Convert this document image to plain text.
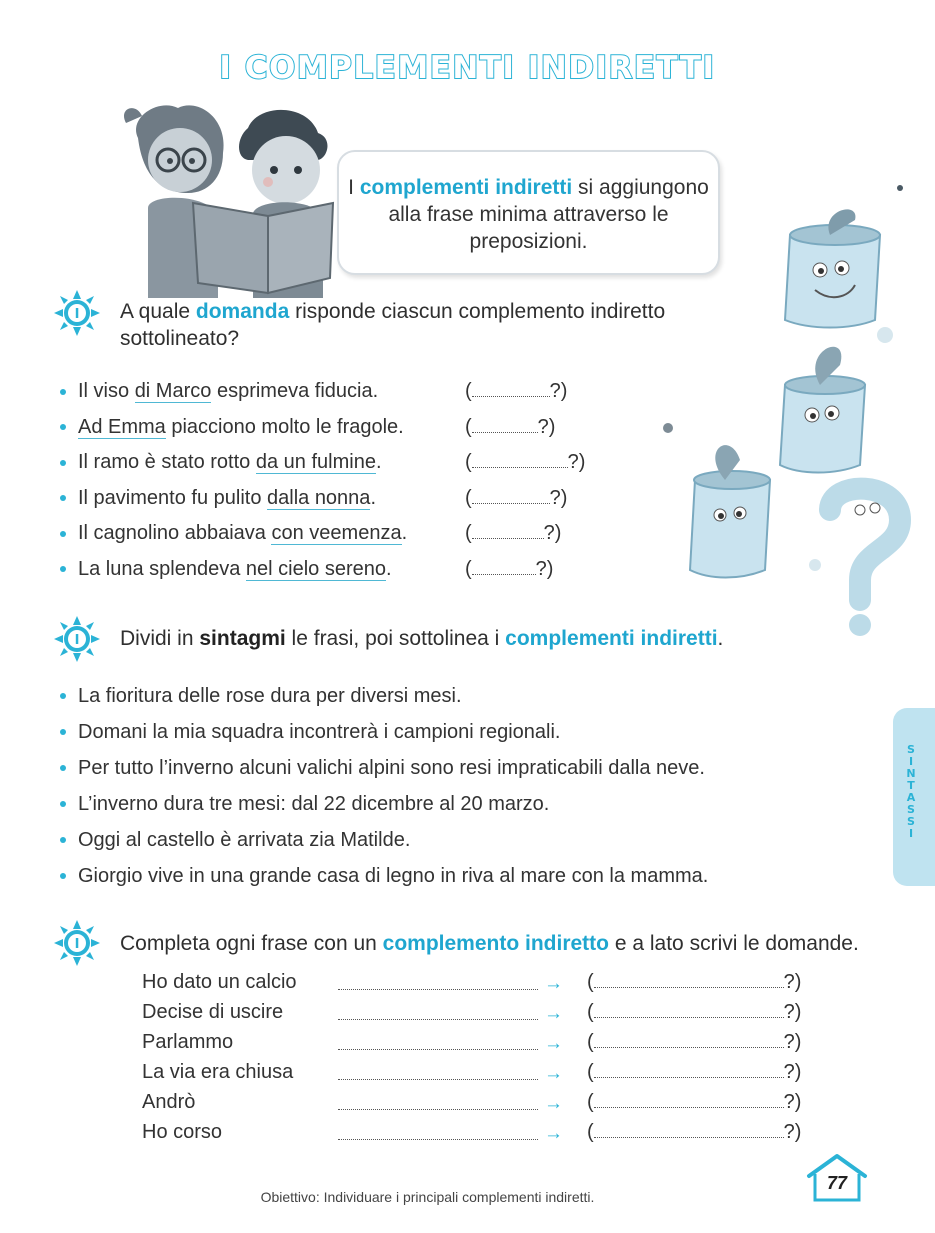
I COMPLEMENTI INDIRETTI
I complementi indiretti si aggiungono alla frase minima attraverso le preposizioni.
I A quale domanda risponde ciascun complemento indiretto sottolineato?
Il viso di Marco esprimeva fiducia.	(	?)
Ad Emma piacciono molto le fragole.	(	?)
Il ramo è stato rotto da un fulmine.	(	?)
Il pavimento fu pulito dalla nonna.	(	?)
Il cagnolino abbaiava con veemenza.	(	?)
La luna splendeva nel cielo sereno.	(	?)
I Dividi in sintagmi le frasi, poi sottolinea i complementi indiretti.
La fioritura delle rose dura per diversi mesi.
Domani la mia squadra incontrerà i campioni regionali.
Per tutto l’inverno alcuni valichi alpini sono resi impraticabili dalla neve.
L’inverno dura tre mesi: dal 22 dicembre al 20 marzo.
Oggi al castello è arrivata zia Matilde.
Giorgio vive in una grande casa di legno in riva al mare con la mamma.
I Completa ogni frase con un complemento indiretto e a lato scrivi le domande.
Ho dato un calcio	→ (	?)
Decise di uscire	→ (	?)
Parlammo	→ (	?)
La via era chiusa	→ (	?)
Andrò	→ (	?)
Ho corso	→ (	?)
S
I
N
T
A
S
S
I
Obiettivo: Individuare i principali complementi indiretti.
77
